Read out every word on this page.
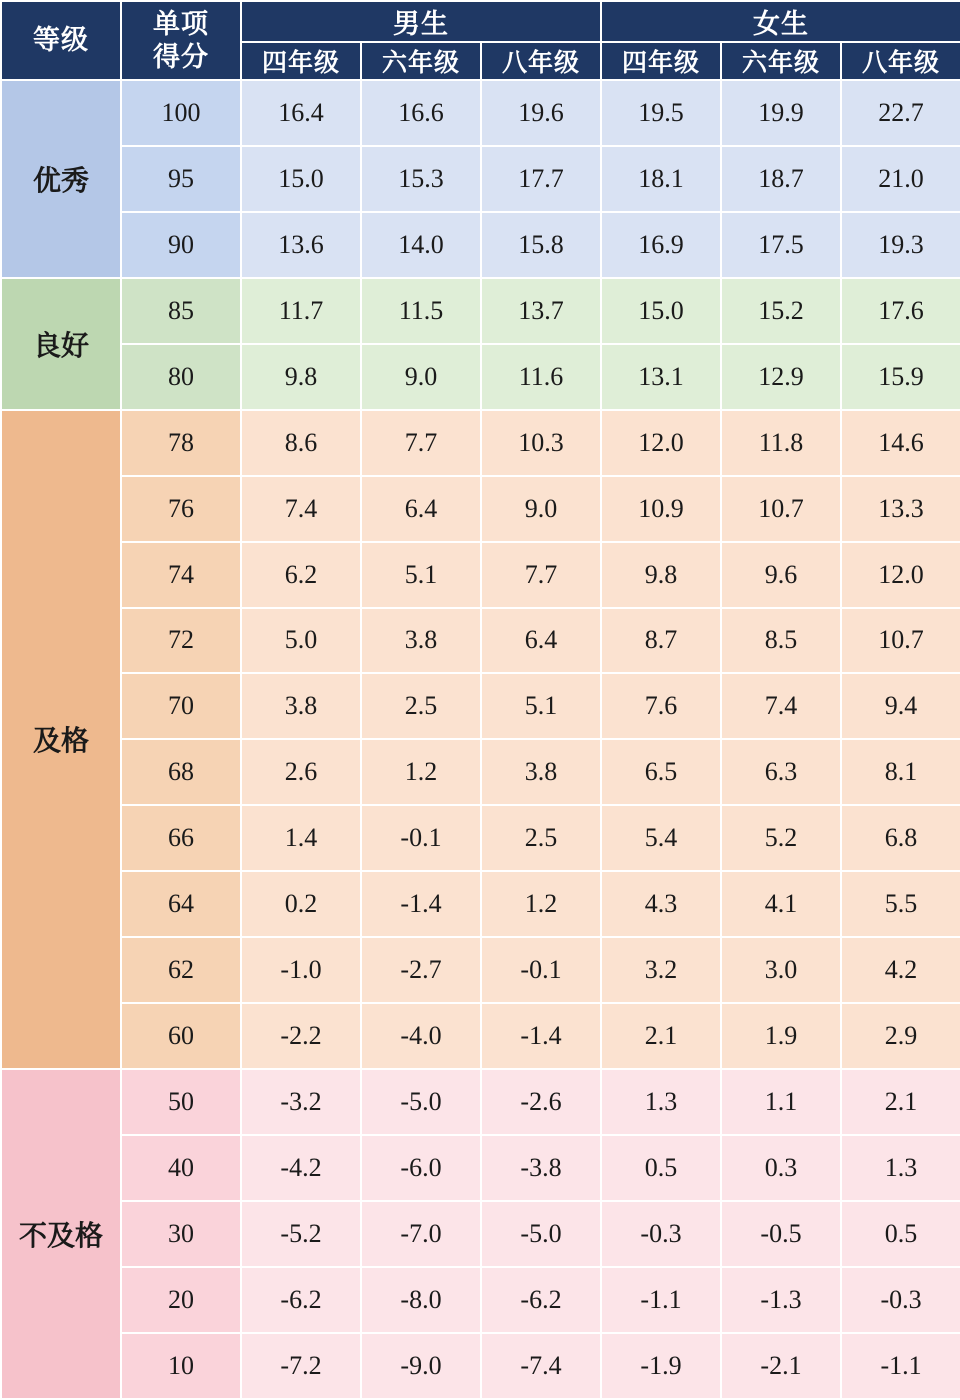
等级	单项
得分	男生			女生		
		四年级	六年级	八年级	四年级	六年级	八年级
优秀	100	16.4	16.6	19.6	19.5	19.9	22.7
	95	15.0	15.3	17.7	18.1	18.7	21.0
	90	13.6	14.0	15.8	16.9	17.5	19.3
良好	85	11.7	11.5	13.7	15.0	15.2	17.6
	80	9.8	9.0	11.6	13.1	12.9	15.9
及格	78	8.6	7.7	10.3	12.0	11.8	14.6
	76	7.4	6.4	9.0	10.9	10.7	13.3
	74	6.2	5.1	7.7	9.8	9.6	12.0
	72	5.0	3.8	6.4	8.7	8.5	10.7
	70	3.8	2.5	5.1	7.6	7.4	9.4
	68	2.6	1.2	3.8	6.5	6.3	8.1
	66	1.4	-0.1	2.5	5.4	5.2	6.8
	64	0.2	-1.4	1.2	4.3	4.1	5.5
	62	-1.0	-2.7	-0.1	3.2	3.0	4.2
	60	-2.2	-4.0	-1.4	2.1	1.9	2.9
不及格	50	-3.2	-5.0	-2.6	1.3	1.1	2.1
	40	-4.2	-6.0	-3.8	0.5	0.3	1.3
	30	-5.2	-7.0	-5.0	-0.3	-0.5	0.5
	20	-6.2	-8.0	-6.2	-1.1	-1.3	-0.3
	10	-7.2	-9.0	-7.4	-1.9	-2.1	-1.1
